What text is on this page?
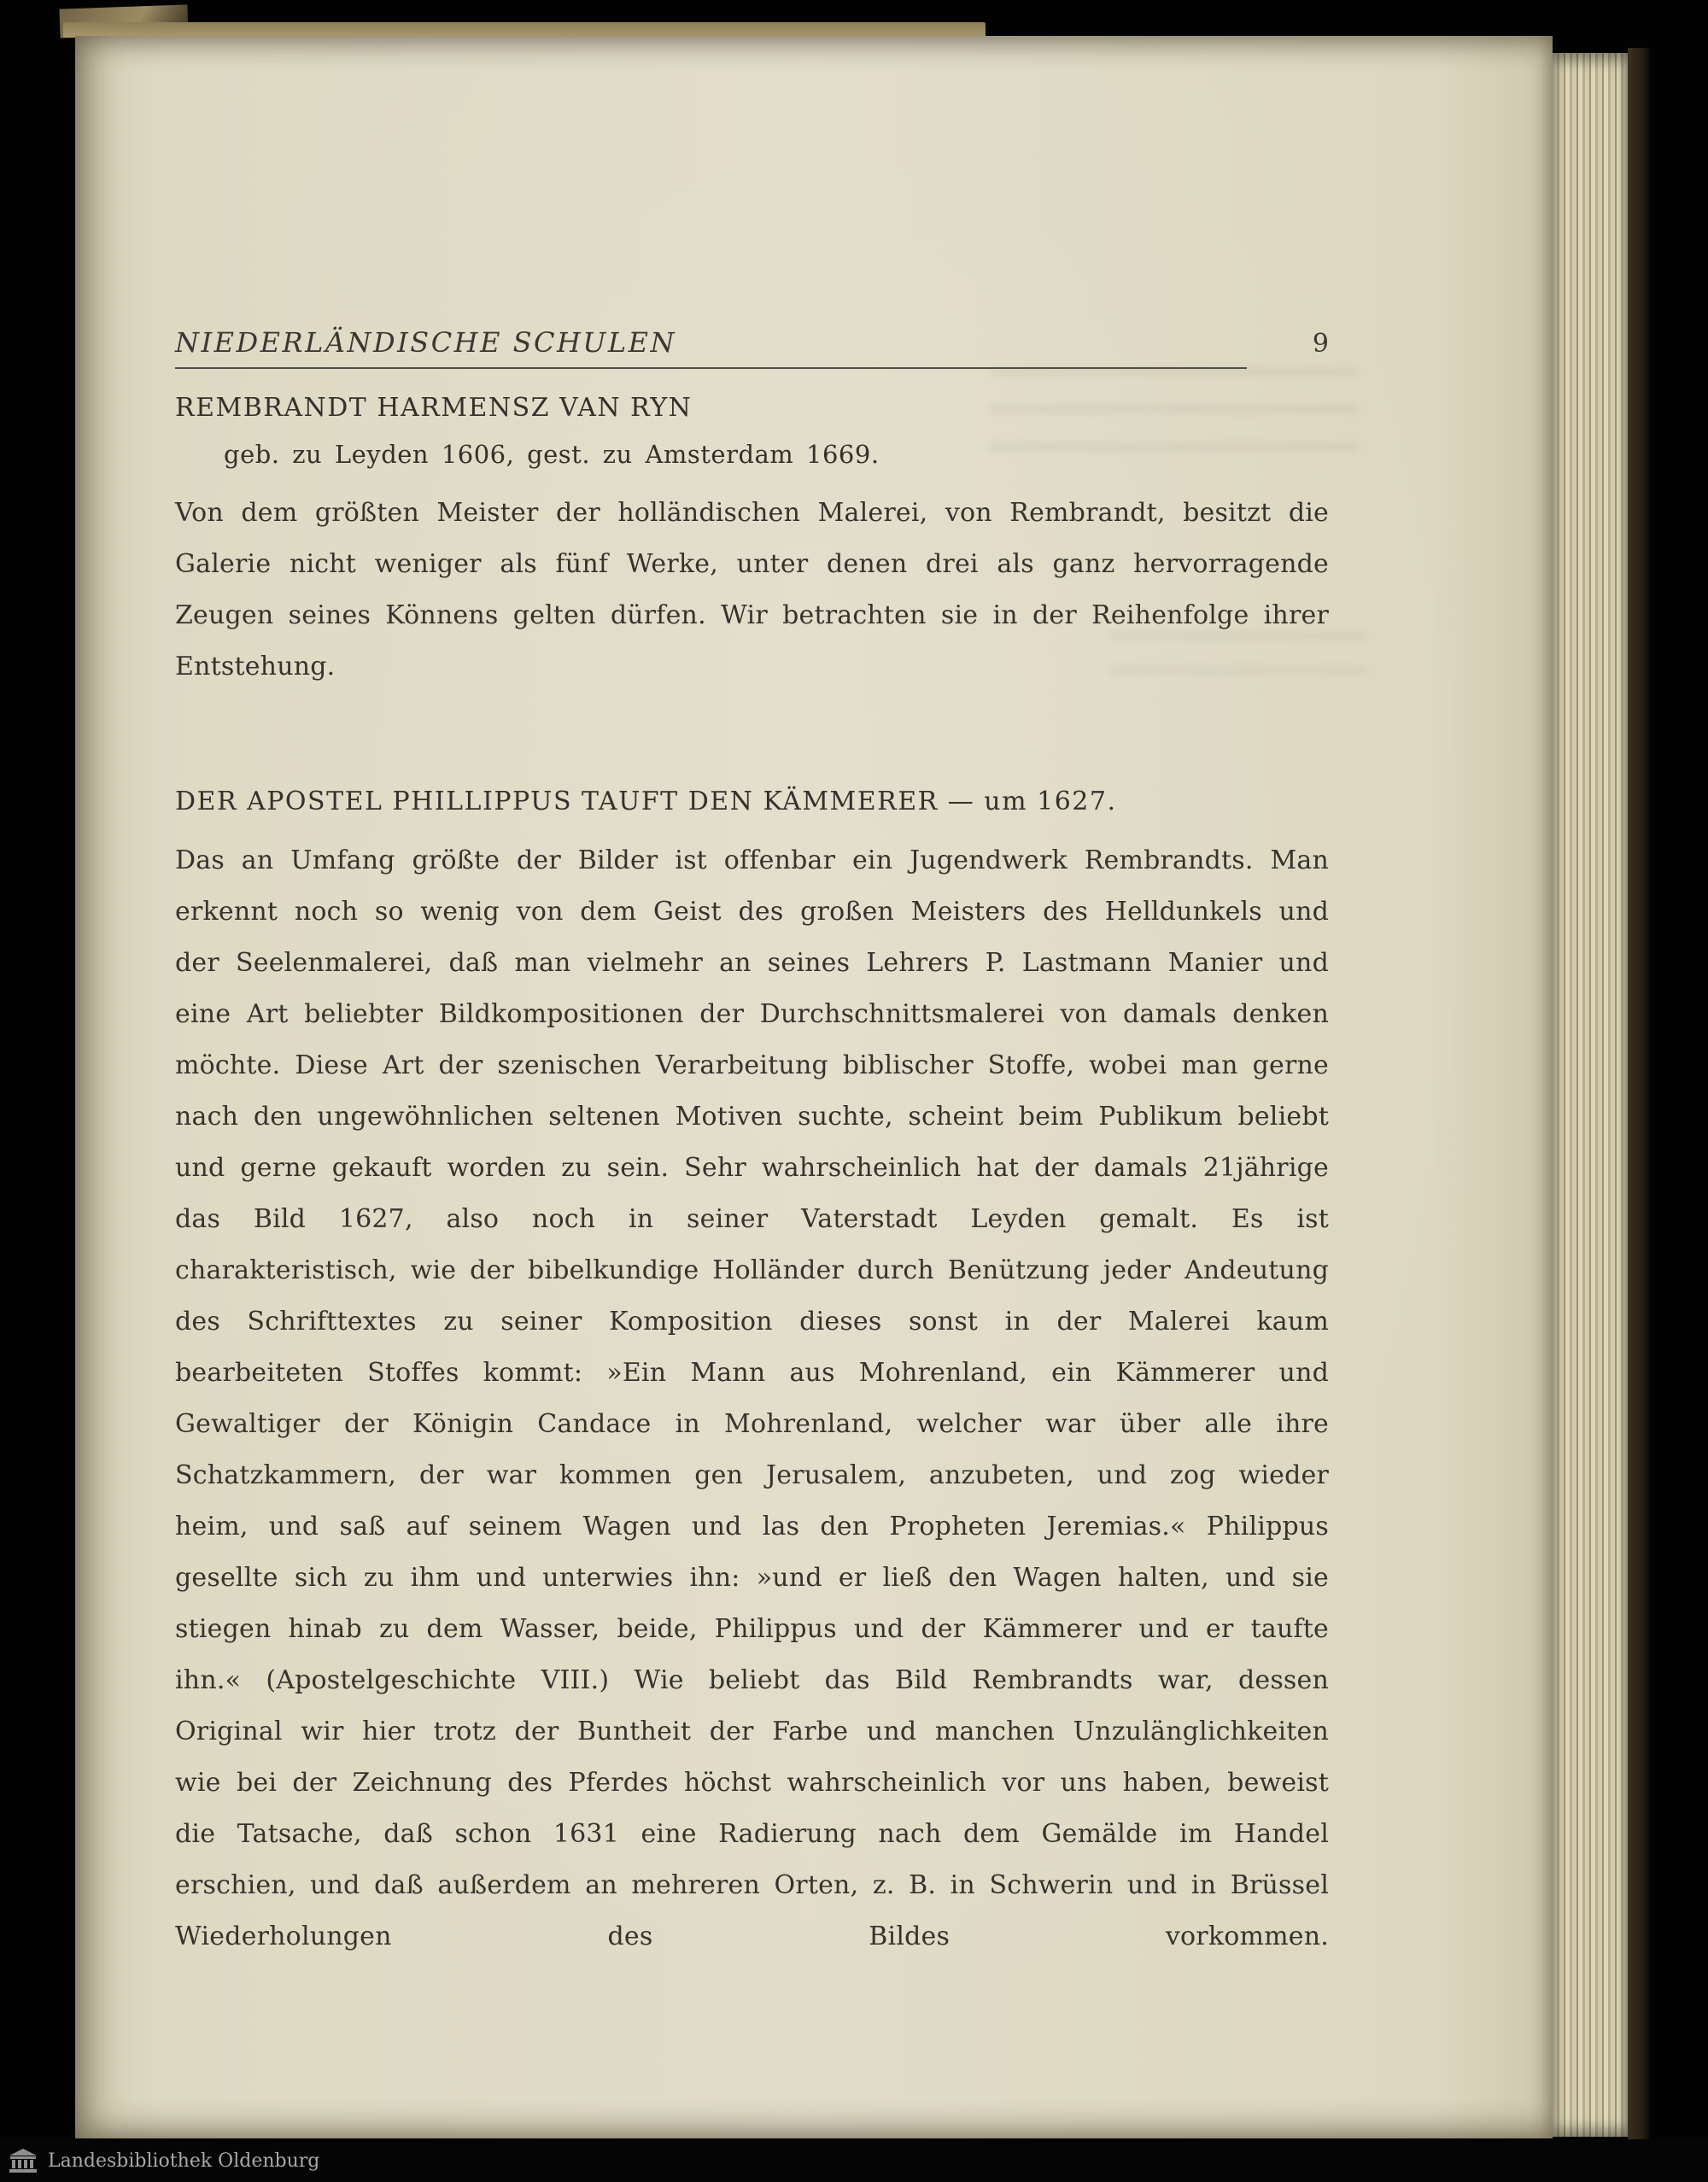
NIEDERLÄNDISCHE SCHULEN	9
REMBRANDT HARMENSZ VAN RYN

geb. zu Leyden 1606, gest. zu Amsterdam 1669.

Von dem größten Meister der holländischen Malerei, von Rembrandt, besitzt die Galerie nicht weniger als fünf Werke, unter denen drei als ganz hervorragende Zeugen seines Könnens gelten dürfen. Wir betrachten sie in der Reihenfolge ihrer Entstehung.

DER APOSTEL PHILLIPPUS TAUFT DEN KÄMMERER — um 1627.

Das an Umfang größte der Bilder ist offenbar ein Jugendwerk Rembrandts. Man erkennt noch so wenig von dem Geist des großen Meisters des Helldunkels und der Seelenmalerei, daß man vielmehr an seines Lehrers P. Lastmann Manier und eine Art beliebter Bildkompositionen der Durchschnittsmalerei von damals denken möchte. Diese Art der szenischen Verarbeitung biblischer Stoffe, wobei man gerne nach den ungewöhnlichen seltenen Motiven suchte, scheint beim Publikum beliebt und gerne gekauft worden zu sein. Sehr wahrscheinlich hat der damals 21jährige das Bild 1627, also noch in seiner Vaterstadt Leyden gemalt. Es ist charakteristisch, wie der bibelkundige Holländer durch Benützung jeder Andeutung des Schrifttextes zu seiner Komposition dieses sonst in der Malerei kaum bearbeiteten Stoffes kommt: »Ein Mann aus Mohrenland, ein Kämmerer und Gewaltiger der Königin Candace in Mohrenland, welcher war über alle ihre Schatzkammern, der war kommen gen Jerusalem, anzubeten, und zog wieder heim, und saß auf seinem Wagen und las den Propheten Jeremias.« Philippus gesellte sich zu ihm und unterwies ihn: »und er ließ den Wagen halten, und sie stiegen hinab zu dem Wasser, beide, Philippus und der Kämmerer und er taufte ihn.« (Apostelgeschichte VIII.) Wie beliebt das Bild Rembrandts war, dessen Original wir hier trotz der Buntheit der Farbe und manchen Unzulänglichkeiten wie bei der Zeichnung des Pferdes höchst wahrscheinlich vor uns haben, beweist die Tatsache, daß schon 1631 eine Radierung nach dem Gemälde im Handel erschien, und daß außerdem an mehreren Orten, z. B. in Schwerin und in Brüssel Wiederholungen des Bildes vorkommen.

Landesbibliothek Oldenburg
